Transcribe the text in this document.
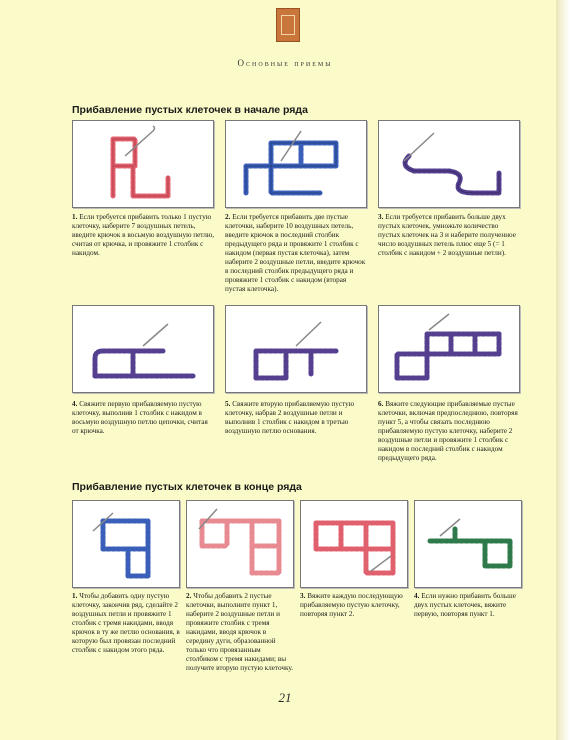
Основные приемы
Прибавление пустых клеточек в начале ряда
1. Если требуется прибавить только 1 пустую клеточку, наберите 7 воздушных петель, введите крючок в восьмую воздушную петлю, считая от крючка, и провяжите 1 столбик с накидом.
2. Если требуется прибавить две пустые клеточки, наберите 10 воздушных петель, введите крючок в последний столбик предыдущего ряда и провяжите 1 столбик с накидом (первая пустая клеточка), затем наберите 2 воздушные петли, введите крючок в последний столбик предыдущего ряда и провяжите 1 столбик с накидом (вторая пустая клеточка).
3. Если требуется прибавить больше двух пустых клеточек, умножьте количество пустых клеточек на 3 и наберите полученное число воздушных петель плюс еще 5 (= 1 столбик с накидом + 2 воздушные петли).
4. Свяжите первую прибавляемую пустую клеточку, выполнив 1 столбик с накидом в восьмую воздушную петлю цепочки, считая от крючка.
5. Свяжите вторую прибавляемую пустую клеточку, набрав 2 воздушные петли и выполнив 1 столбик с накидом в третью воздушную петлю основания.
6. Вяжите следующие прибавляемые пустые клеточки, включая предпоследнюю, повторяя пункт 5, а чтобы связать последнюю прибавляемую пустую клеточку, наберите 2 воздушные петли и провяжите 1 столбик с накидом в последний столбик с накидом предыдущего ряда.
Прибавление пустых клеточек в конце ряда
1. Чтобы добавить одну пустую клеточку, закончив ряд, сделайте 2 воздушных петли и провяжите 1 столбик с тремя накидами, вводя крючок в ту же петлю основания, в которую был провязан последний столбик с накидом этого ряда.
2. Чтобы добавить 2 пустые клеточки, выполните пункт 1, наберите 2 воздушные петли и провяжите столбик с тремя накидами, вводя крючок в середину дуги, образованной только что провязанным столбиком с тремя накидами; вы получите вторую пустую клеточку.
3. Вяжите каждую последующую прибавляемую пустую клеточку, повторяя пункт 2.
4. Если нужно прибавить больше двух пустых клеточек, вяжите первую, повторяя пункт 1.
21
